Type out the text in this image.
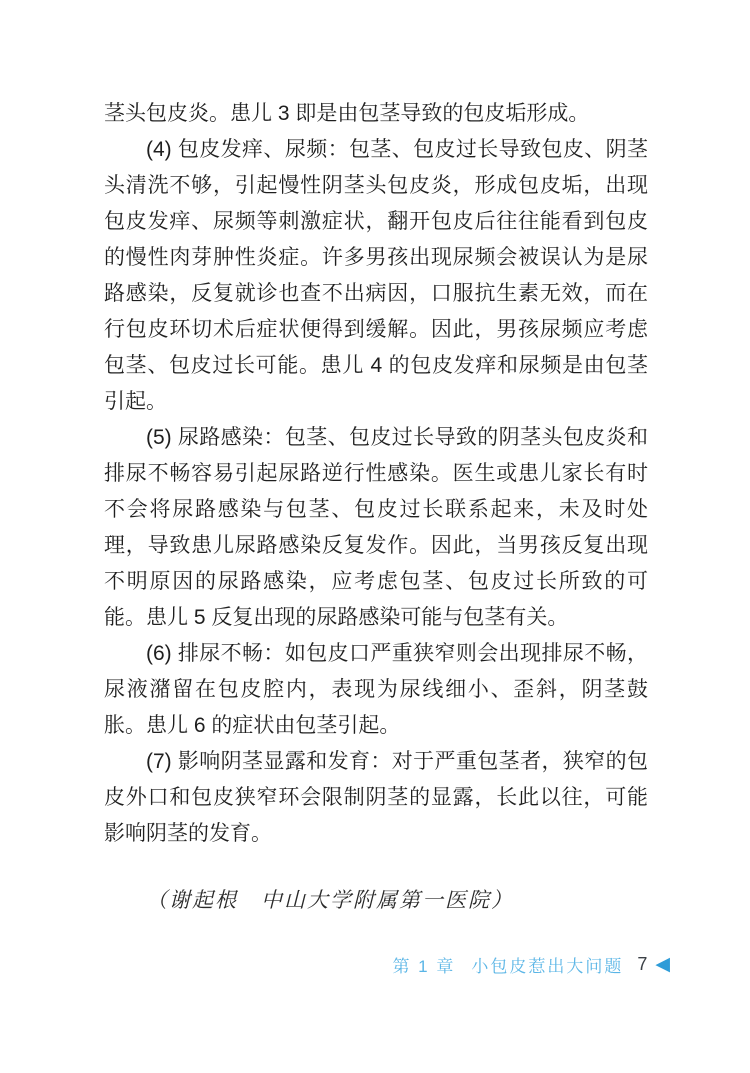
茎头包皮炎。患儿 3 即是由包茎导致的包皮垢形成。

(4) 包皮发痒、尿频：包茎、包皮过长导致包皮、阴茎头清洗不够，引起慢性阴茎头包皮炎，形成包皮垢，出现包皮发痒、尿频等刺激症状，翻开包皮后往往能看到包皮的慢性肉芽肿性炎症。许多男孩出现尿频会被误认为是尿路感染，反复就诊也查不出病因，口服抗生素无效，而在行包皮环切术后症状便得到缓解。因此，男孩尿频应考虑包茎、包皮过长可能。患儿 4 的包皮发痒和尿频是由包茎引起。

(5) 尿路感染：包茎、包皮过长导致的阴茎头包皮炎和排尿不畅容易引起尿路逆行性感染。医生或患儿家长有时不会将尿路感染与包茎、包皮过长联系起来，未及时处理，导致患儿尿路感染反复发作。因此，当男孩反复出现不明原因的尿路感染，应考虑包茎、包皮过长所致的可能。患儿 5 反复出现的尿路感染可能与包茎有关。

(6) 排尿不畅：如包皮口严重狭窄则会出现排尿不畅，尿液潴留在包皮腔内，表现为尿线细小、歪斜，阴茎鼓胀。患儿 6 的症状由包茎引起。

(7) 影响阴茎显露和发育：对于严重包茎者，狭窄的包皮外口和包皮狭窄环会限制阴茎的显露，长此以往，可能影响阴茎的发育。

（谢起根　中山大学附属第一医院）

第 1 章 小包皮惹出大问题 7 ◀
